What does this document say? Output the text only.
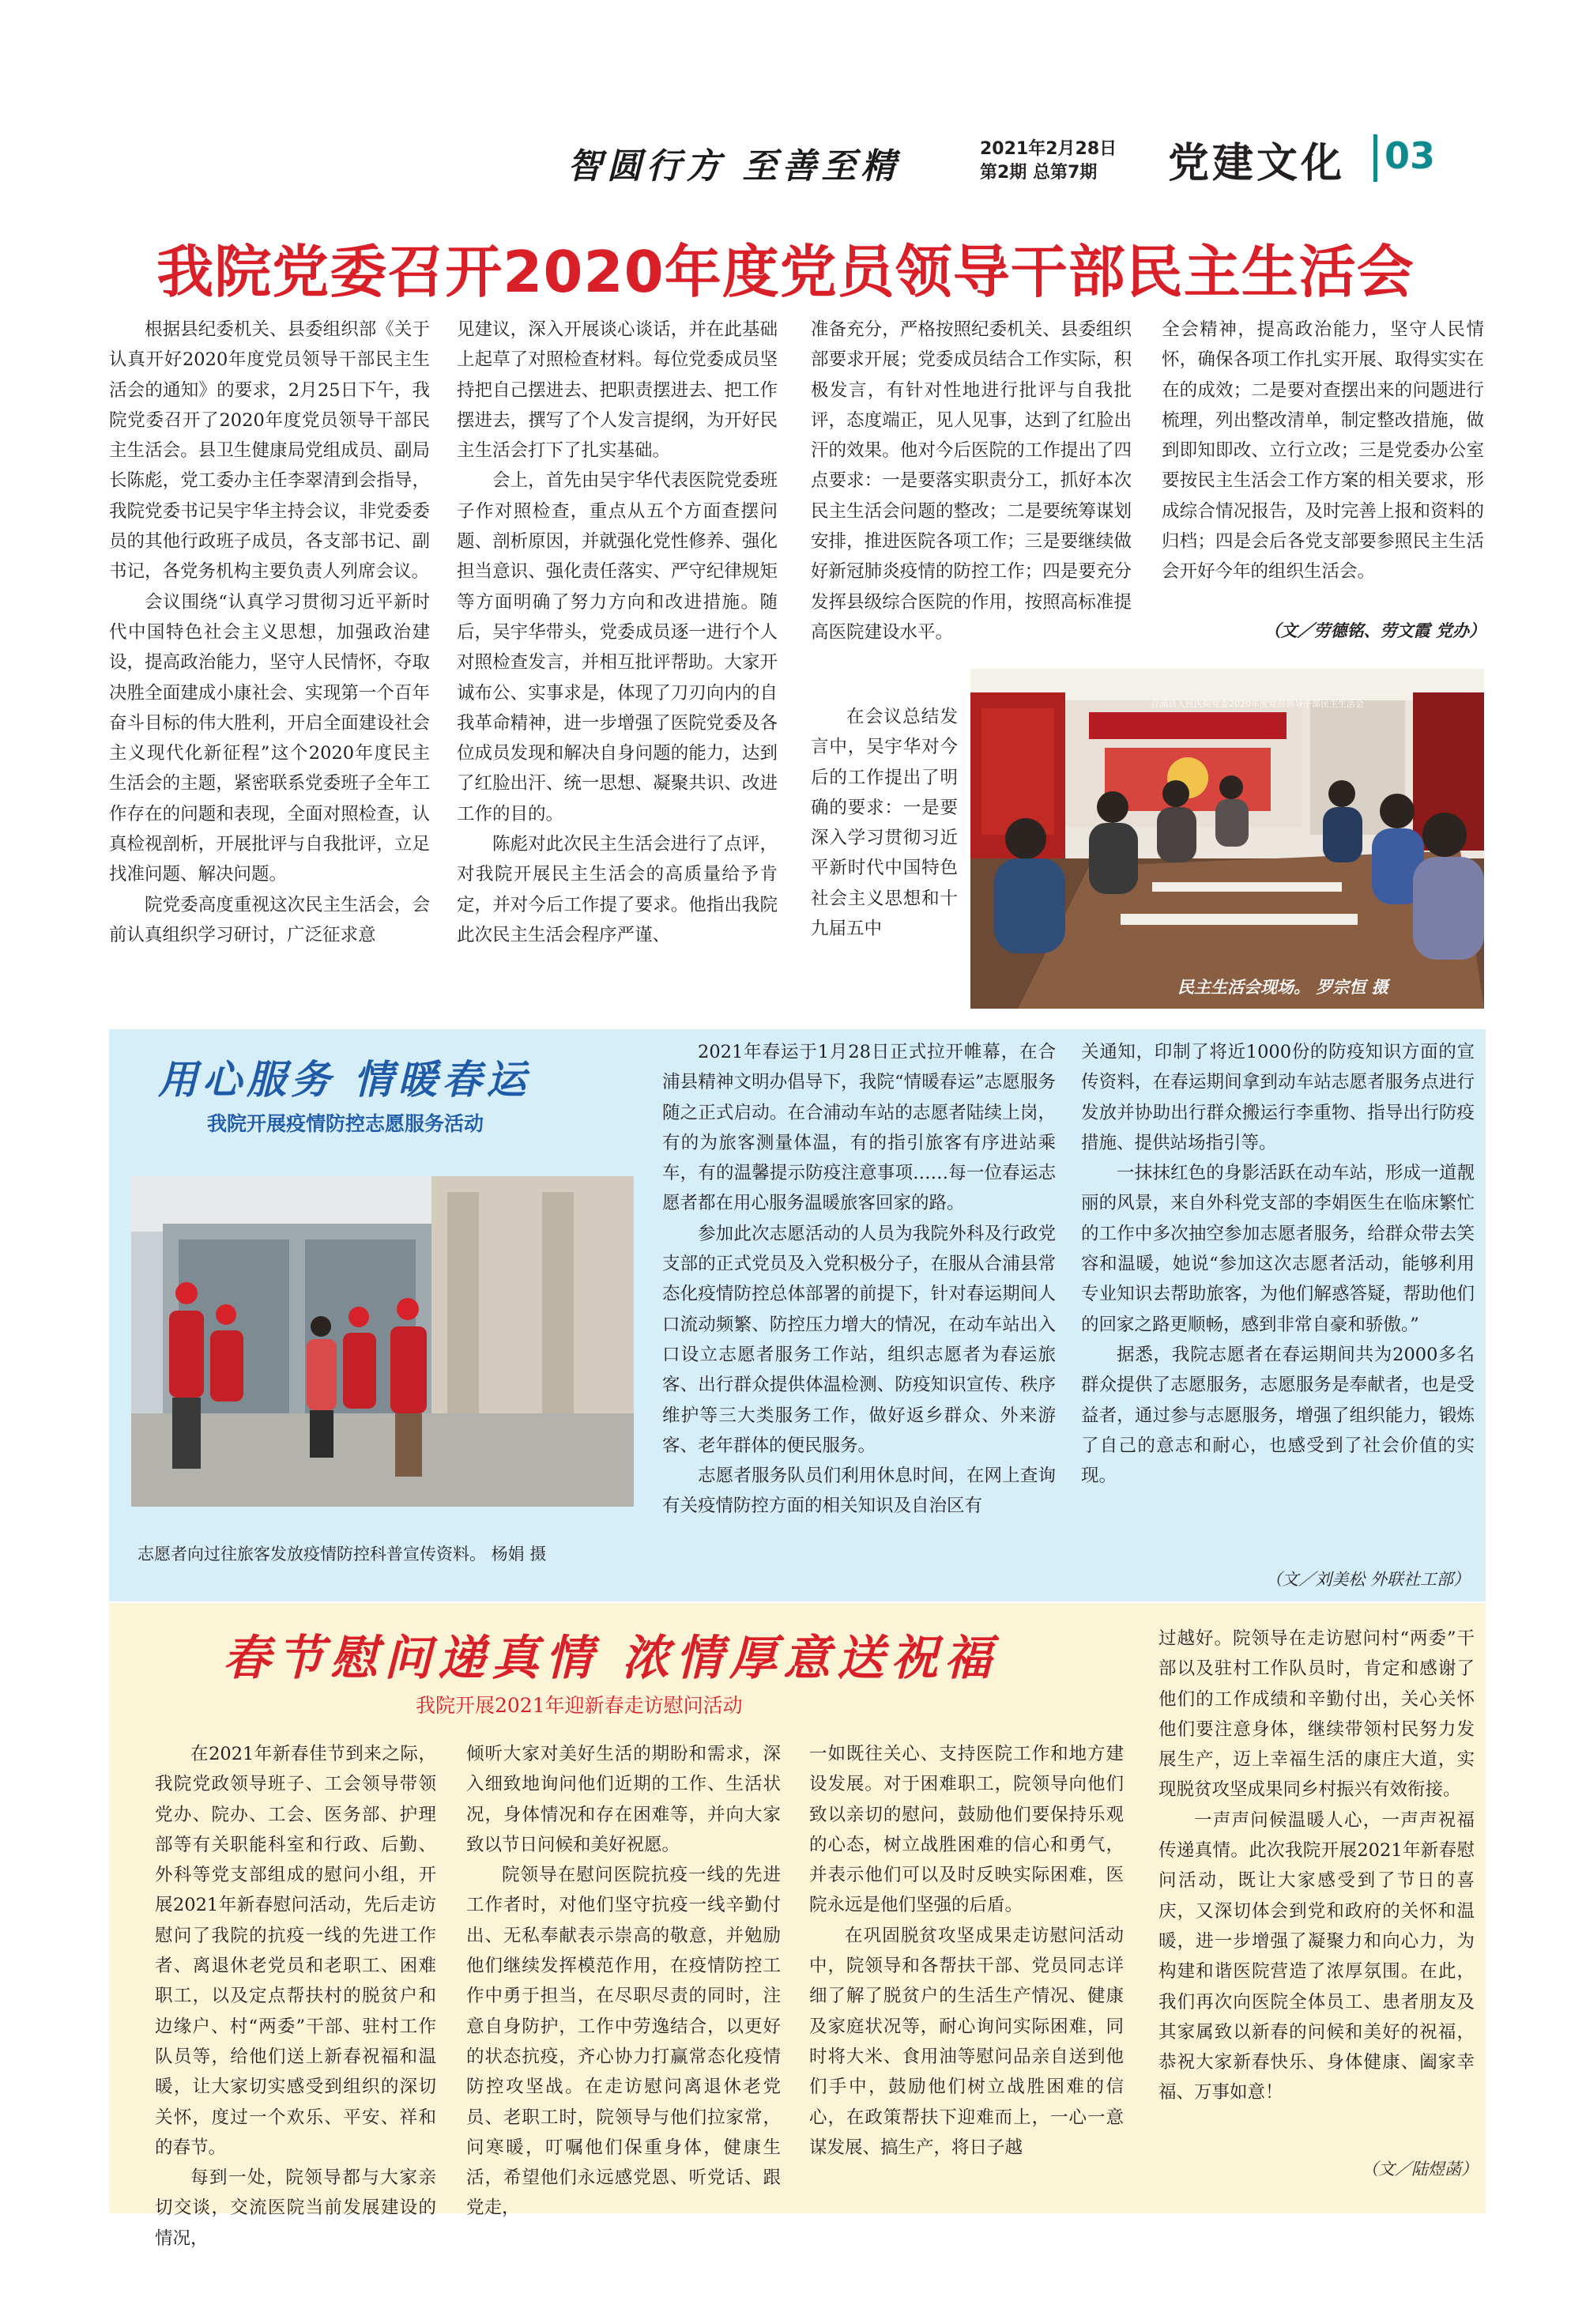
智圆行方 至善至精	2021年2月28日
第2期 总第7期	党建文化 03
我院党委召开2020年度党员领导干部民主生活会

根据县纪委机关、县委组织部《关于认真开好2020年度党员领导干部民主生活会的通知》的要求，2月25日下午，我院党委召开了2020年度党员领导干部民主生活会。县卫生健康局党组成员、副局长陈彪，党工委办主任李翠清到会指导，我院党委书记吴宇华主持会议，非党委委员的其他行政班子成员，各支部书记、副书记，各党务机构主要负责人列席会议。

会议围绕“认真学习贯彻习近平新时代中国特色社会主义思想，加强政治建设，提高政治能力，坚守人民情怀，夺取决胜全面建成小康社会、实现第一个百年奋斗目标的伟大胜利，开启全面建设社会主义现代化新征程”这个2020年度民主生活会的主题，紧密联系党委班子全年工作存在的问题和表现，全面对照检查，认真检视剖析，开展批评与自我批评，立足找准问题、解决问题。

院党委高度重视这次民主生活会，会前认真组织学习研讨，广泛征求意

见建议，深入开展谈心谈话，并在此基础上起草了对照检查材料。每位党委成员坚持把自己摆进去、把职责摆进去、把工作摆进去，撰写了个人发言提纲，为开好民主生活会打下了扎实基础。

会上，首先由吴宇华代表医院党委班子作对照检查，重点从五个方面查摆问题、剖析原因，并就强化党性修养、强化担当意识、强化责任落实、严守纪律规矩等方面明确了努力方向和改进措施。随后，吴宇华带头，党委成员逐一进行个人对照检查发言，并相互批评帮助。大家开诚布公、实事求是，体现了刀刃向内的自我革命精神，进一步增强了医院党委及各位成员发现和解决自身问题的能力，达到了红脸出汗、统一思想、凝聚共识、改进工作的目的。

陈彪对此次民主生活会进行了点评，对我院开展民主生活会的高质量给予肯定，并对今后工作提了要求。他指出我院此次民主生活会程序严谨、

准备充分，严格按照纪委机关、县委组织部要求开展；党委成员结合工作实际，积极发言，有针对性地进行批评与自我批评，态度端正，见人见事，达到了红脸出汗的效果。他对今后医院的工作提出了四点要求：一是要落实职责分工，抓好本次民主生活会问题的整改；二是要统筹谋划安排，推进医院各项工作；三是要继续做好新冠肺炎疫情的防控工作；四是要充分发挥县级综合医院的作用，按照高标准提高医院建设水平。

在会议总结发言中，吴宇华对今后的工作提出了明确的要求：一是要深入学习贯彻习近平新时代中国特色社会主义思想和十九届五中

全会精神，提高政治能力，坚守人民情怀，确保各项工作扎实开展、取得实实在在的成效；二是要对查摆出来的问题进行梳理，列出整改清单，制定整改措施，做到即知即改、立行立改；三是党委办公室要按民主生活会工作方案的相关要求，形成综合情况报告，及时完善上报和资料的归档；四是会后各党支部要参照民主生活会开好今年的组织生活会。

（文／劳德铭、劳文霞 党办）
合浦县人民医院党委2020年度党员领导干部民主生活会
民主生活会现场。 罗宗恒 摄
用心服务 情暖春运
我院开展疫情防控志愿服务活动
志愿者向过往旅客发放疫情防控科普宣传资料。 杨娟 摄

2021年春运于1月28日正式拉开帷幕，在合浦县精神文明办倡导下，我院“情暖春运”志愿服务随之正式启动。在合浦动车站的志愿者陆续上岗，有的为旅客测量体温，有的指引旅客有序进站乘车，有的温馨提示防疫注意事项……每一位春运志愿者都在用心服务温暖旅客回家的路。

参加此次志愿活动的人员为我院外科及行政党支部的正式党员及入党积极分子，在服从合浦县常态化疫情防控总体部署的前提下，针对春运期间人口流动频繁、防控压力增大的情况，在动车站出入口设立志愿者服务工作站，组织志愿者为春运旅客、出行群众提供体温检测、防疫知识宣传、秩序维护等三大类服务工作，做好返乡群众、外来游客、老年群体的便民服务。

志愿者服务队员们利用休息时间，在网上查询有关疫情防控方面的相关知识及自治区有

关通知，印制了将近1000份的防疫知识方面的宣传资料，在春运期间拿到动车站志愿者服务点进行发放并协助出行群众搬运行李重物、指导出行防疫措施、提供站场指引等。

一抹抹红色的身影活跃在动车站，形成一道靓丽的风景，来自外科党支部的李娟医生在临床繁忙的工作中多次抽空参加志愿者服务，给群众带去笑容和温暖，她说“参加这次志愿者活动，能够利用专业知识去帮助旅客，为他们解惑答疑，帮助他们的回家之路更顺畅，感到非常自豪和骄傲。”

据悉，我院志愿者在春运期间共为2000多名群众提供了志愿服务，志愿服务是奉献者，也是受益者，通过参与志愿服务，增强了组织能力，锻炼了自己的意志和耐心，也感受到了社会价值的实现。

（文／刘美松 外联社工部）
春节慰问递真情 浓情厚意送祝福
我院开展2021年迎新春走访慰问活动

在2021年新春佳节到来之际，我院党政领导班子、工会领导带领党办、院办、工会、医务部、护理部等有关职能科室和行政、后勤、外科等党支部组成的慰问小组，开展2021年新春慰问活动，先后走访慰问了我院的抗疫一线的先进工作者、离退休老党员和老职工、困难职工，以及定点帮扶村的脱贫户和边缘户、村“两委”干部、驻村工作队员等，给他们送上新春祝福和温暖，让大家切实感受到组织的深切关怀，度过一个欢乐、平安、祥和的春节。

每到一处，院领导都与大家亲切交谈，交流医院当前发展建设的情况，

倾听大家对美好生活的期盼和需求，深入细致地询问他们近期的工作、生活状况，身体情况和存在困难等，并向大家致以节日问候和美好祝愿。

院领导在慰问医院抗疫一线的先进工作者时，对他们坚守抗疫一线辛勤付出、无私奉献表示崇高的敬意，并勉励他们继续发挥模范作用，在疫情防控工作中勇于担当，在尽职尽责的同时，注意自身防护，工作中劳逸结合，以更好的状态抗疫，齐心协力打赢常态化疫情防控攻坚战。在走访慰问离退休老党员、老职工时，院领导与他们拉家常，问寒暖，叮嘱他们保重身体，健康生活，希望他们永远感党恩、听党话、跟党走，

一如既往关心、支持医院工作和地方建设发展。对于困难职工，院领导向他们致以亲切的慰问，鼓励他们要保持乐观的心态，树立战胜困难的信心和勇气，并表示他们可以及时反映实际困难，医院永远是他们坚强的后盾。

在巩固脱贫攻坚成果走访慰问活动中，院领导和各帮扶干部、党员同志详细了解了脱贫户的生活生产情况、健康及家庭状况等，耐心询问实际困难，同时将大米、食用油等慰问品亲自送到他们手中，鼓励他们树立战胜困难的信心，在政策帮扶下迎难而上，一心一意谋发展、搞生产，将日子越

过越好。院领导在走访慰问村“两委”干部以及驻村工作队员时，肯定和感谢了他们的工作成绩和辛勤付出，关心关怀他们要注意身体，继续带领村民努力发展生产，迈上幸福生活的康庄大道，实现脱贫攻坚成果同乡村振兴有效衔接。

一声声问候温暖人心，一声声祝福传递真情。此次我院开展2021年新春慰问活动，既让大家感受到了节日的喜庆，又深切体会到党和政府的关怀和温暖，进一步增强了凝聚力和向心力，为构建和谐医院营造了浓厚氛围。在此，我们再次向医院全体员工、患者朋友及其家属致以新春的问候和美好的祝福，恭祝大家新春快乐、身体健康、阖家幸福、万事如意！

（文／陆煜菡）
